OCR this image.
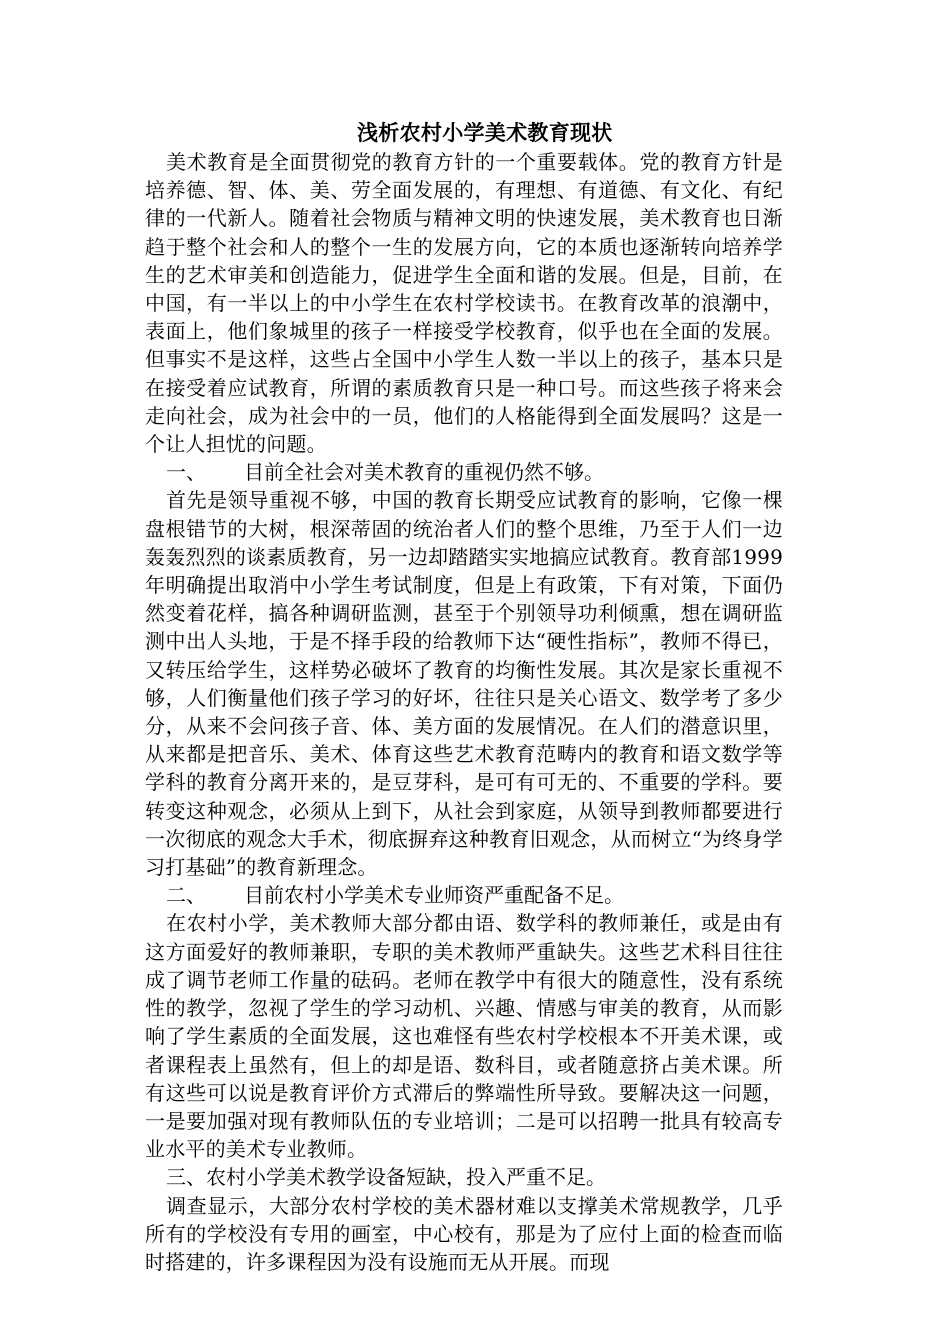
浅析农村小学美术教育现状

美术教育是全面贯彻党的教育方针的一个重要载体。党的教育方针是培养德、智、体、美、劳全面发展的，有理想、有道德、有文化、有纪律的一代新人。随着社会物质与精神文明的快速发展，美术教育也日渐趋于整个社会和人的整个一生的发展方向，它的本质也逐渐转向培养学生的艺术审美和创造能力，促进学生全面和谐的发展。但是，目前，在中国，有一半以上的中小学生在农村学校读书。在教育改革的浪潮中，表面上，他们象城里的孩子一样接受学校教育，似乎也在全面的发展。但事实不是这样，这些占全国中小学生人数一半以上的孩子，基本只是在接受着应试教育，所谓的素质教育只是一种口号。而这些孩子将来会走向社会，成为社会中的一员，他们的人格能得到全面发展吗？这是一个让人担忧的问题。

一、 目前全社会对美术教育的重视仍然不够。

首先是领导重视不够，中国的教育长期受应试教育的影响，它像一棵盘根错节的大树，根深蒂固的统治者人们的整个思维，乃至于人们一边轰轰烈烈的谈素质教育，另一边却踏踏实实地搞应试教育。教育部1999年明确提出取消中小学生考试制度，但是上有政策，下有对策，下面仍然变着花样，搞各种调研监测，甚至于个别领导功利倾熏，想在调研监测中出人头地，于是不择手段的给教师下达“硬性指标”，教师不得已，又转压给学生，这样势必破坏了教育的均衡性发展。其次是家长重视不够，人们衡量他们孩子学习的好坏，往往只是关心语文、数学考了多少分，从来不会问孩子音、体、美方面的发展情况。在人们的潜意识里，从来都是把音乐、美术、体育这些艺术教育范畴内的教育和语文数学等学科的教育分离开来的，是豆芽科，是可有可无的、不重要的学科。要转变这种观念，必须从上到下，从社会到家庭，从领导到教师都要进行一次彻底的观念大手术，彻底摒弃这种教育旧观念，从而树立“为终身学习打基础”的教育新理念。

二、 目前农村小学美术专业师资严重配备不足。

在农村小学，美术教师大部分都由语、数学科的教师兼任，或是由有这方面爱好的教师兼职，专职的美术教师严重缺失。这些艺术科目往往成了调节老师工作量的砝码。老师在教学中有很大的随意性，没有系统性的教学，忽视了学生的学习动机、兴趣、情感与审美的教育，从而影响了学生素质的全面发展，这也难怪有些农村学校根本不开美术课，或者课程表上虽然有，但上的却是语、数科目，或者随意挤占美术课。所有这些可以说是教育评价方式滞后的弊端性所导致。要解决这一问题，一是要加强对现有教师队伍的专业培训；二是可以招聘一批具有较高专业水平的美术专业教师。

三、农村小学美术教学设备短缺，投入严重不足。

调查显示，大部分农村学校的美术器材难以支撑美术常规教学，几乎所有的学校没有专用的画室，中心校有，那是为了应付上面的检查而临时搭建的，许多课程因为没有设施而无从开展。而现
